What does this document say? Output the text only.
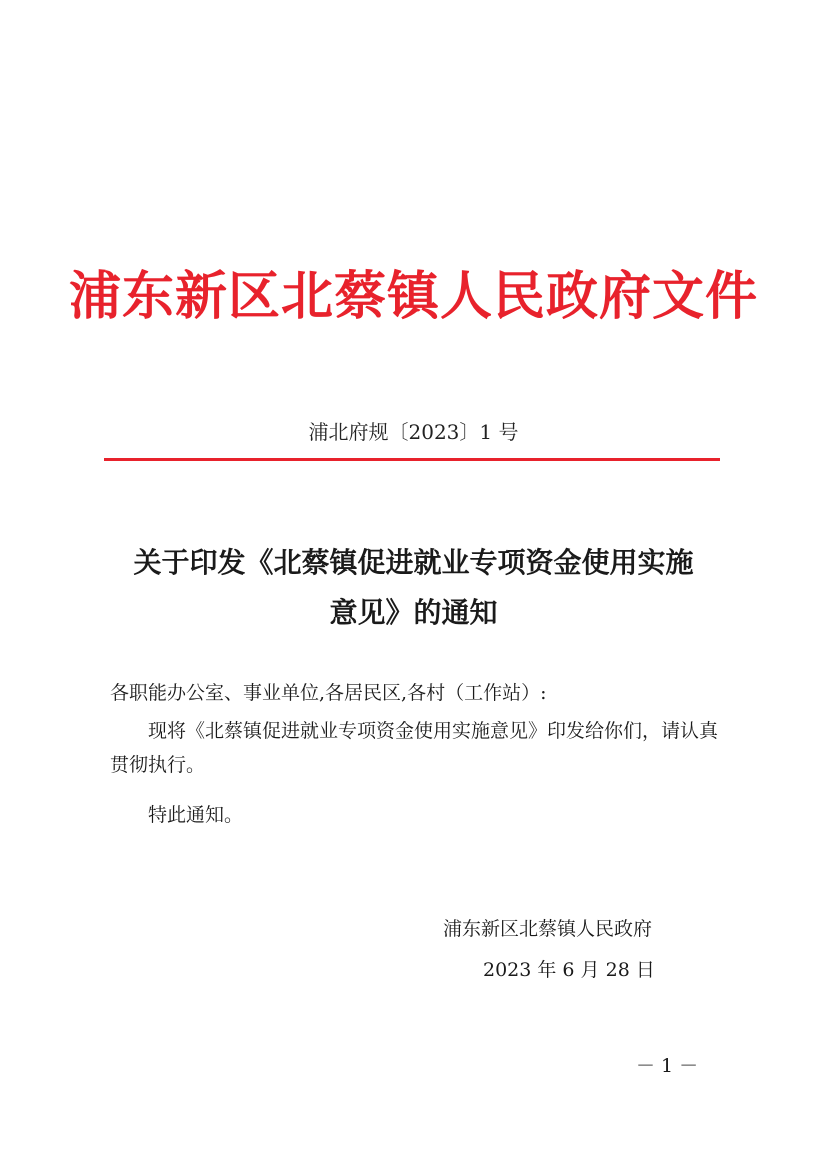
浦东新区北蔡镇人民政府文件
浦北府规〔2023〕1 号
关于印发《北蔡镇促进就业专项资金使用实施
意见》的通知
各职能办公室、事业单位,各居民区,各村（工作站）:
现将《北蔡镇促进就业专项资金使用实施意见》印发给你们，请认真贯彻执行。
特此通知。
浦东新区北蔡镇人民政府
2023 年 6 月 28 日
－ 1 －
